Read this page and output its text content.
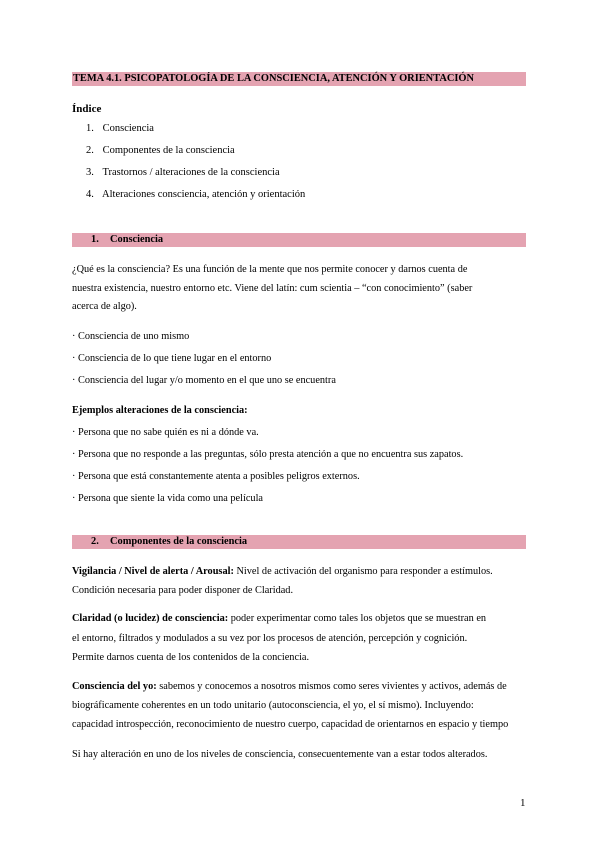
TEMA 4.1. PSICOPATOLOGÍA DE LA CONSCIENCIA, ATENCIÓN Y ORIENTACIÓN
Índice
1. Consciencia
2. Componentes de la consciencia
3. Trastornos / alteraciones de la consciencia
4. Alteraciones consciencia, atención y orientación
1. Consciencia
¿Qué es la consciencia? Es una función de la mente que nos permite conocer y darnos cuenta de
nuestra existencia, nuestro entorno etc. Viene del latín: cum scientia – “con conocimiento” (saber
acerca de algo).
· Consciencia de uno mismo
· Consciencia de lo que tiene lugar en el entorno
· Consciencia del lugar y/o momento en el que uno se encuentra
Ejemplos alteraciones de la consciencia:
· Persona que no sabe quién es ni a dónde va.
· Persona que no responde a las preguntas, sólo presta atención a que no encuentra sus zapatos.
· Persona que está constantemente atenta a posibles peligros externos.
· Persona que siente la vida como una película
2. Componentes de la consciencia
Vigilancia / Nivel de alerta / Arousal: Nivel de activación del organismo para responder a estímulos.
Condición necesaria para poder disponer de Claridad.
Claridad (o lucidez) de consciencia: poder experimentar como tales los objetos que se muestran en
el entorno, filtrados y modulados a su vez por los procesos de atención, percepción y cognición.
Permite darnos cuenta de los contenidos de la conciencia.
Consciencia del yo: sabemos y conocemos a nosotros mismos como seres vivientes y activos, además de
biográficamente coherentes en un todo unitario (autoconsciencia, el yo, el sí mismo). Incluyendo:
capacidad introspección, reconocimiento de nuestro cuerpo, capacidad de orientarnos en espacio y tiempo
Si hay alteración en uno de los niveles de consciencia, consecuentemente van a estar todos alterados.
1
